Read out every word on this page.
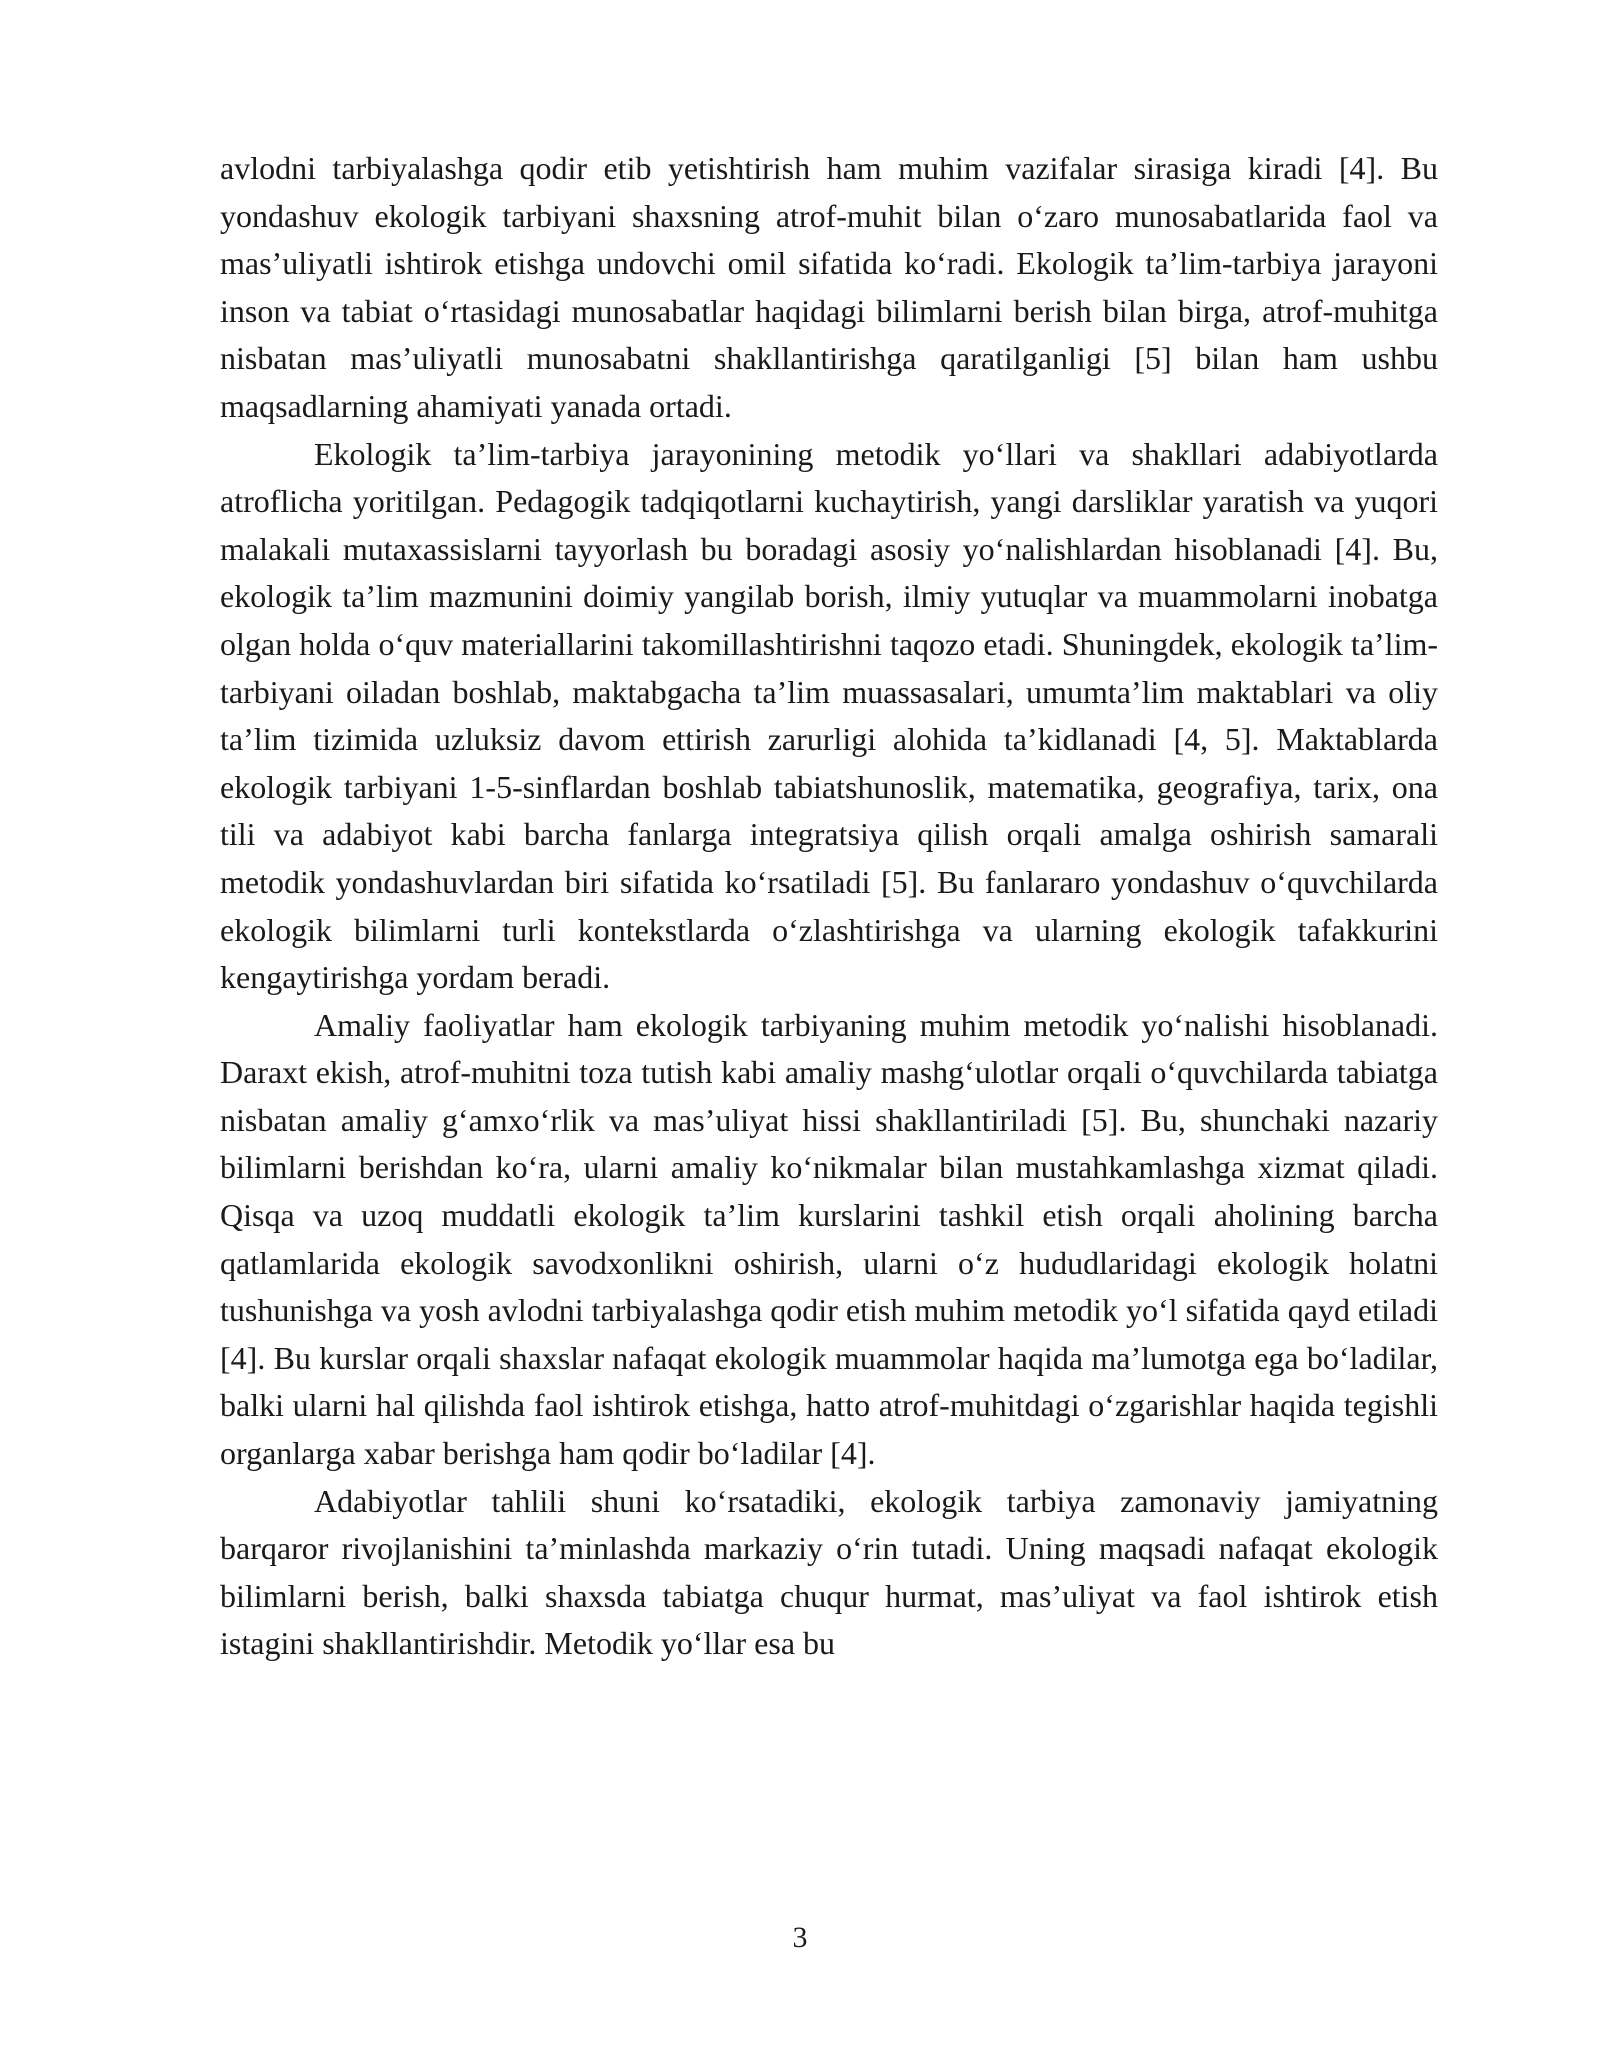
avlodni tarbiyalashga qodir etib yetishtirish ham muhim vazifalar sirasiga kiradi [4]. Bu yondashuv ekologik tarbiyani shaxsning atrof-muhit bilan o‘zaro munosabatlarida faol va mas’uliyatli ishtirok etishga undovchi omil sifatida ko‘radi. Ekologik ta’lim-tarbiya jarayoni inson va tabiat o‘rtasidagi munosabatlar haqidagi bilimlarni berish bilan birga, atrof-muhitga nisbatan mas’uliyatli munosabatni shakllantirishga qaratilganligi [5] bilan ham ushbu maqsadlarning ahamiyati yanada ortadi.

Ekologik ta’lim-tarbiya jarayonining metodik yo‘llari va shakllari adabiyotlarda atroflicha yoritilgan. Pedagogik tadqiqotlarni kuchaytirish, yangi darsliklar yaratish va yuqori malakali mutaxassislarni tayyorlash bu boradagi asosiy yo‘nalishlardan hisoblanadi [4]. Bu, ekologik ta’lim mazmunini doimiy yangilab borish, ilmiy yutuqlar va muammolarni inobatga olgan holda o‘quv materiallarini takomillashtirishni taqozo etadi. Shuningdek, ekologik ta’lim-tarbiyani oiladan boshlab, maktabgacha ta’lim muassasalari, umumta’lim maktablari va oliy ta’lim tizimida uzluksiz davom ettirish zarurligi alohida ta’kidlanadi [4, 5]. Maktablarda ekologik tarbiyani 1-5-sinflardan boshlab tabiatshunoslik, matematika, geografiya, tarix, ona tili va adabiyot kabi barcha fanlarga integratsiya qilish orqali amalga oshirish samarali metodik yondashuvlardan biri sifatida ko‘rsatiladi [5]. Bu fanlararo yondashuv o‘quvchilarda ekologik bilimlarni turli kontekstlarda o‘zlashtirishga va ularning ekologik tafakkurini kengaytirishga yordam beradi.

Amaliy faoliyatlar ham ekologik tarbiyaning muhim metodik yo‘nalishi hisoblanadi. Daraxt ekish, atrof-muhitni toza tutish kabi amaliy mashg‘ulotlar orqali o‘quvchilarda tabiatga nisbatan amaliy g‘amxo‘rlik va mas’uliyat hissi shakllantiriladi [5]. Bu, shunchaki nazariy bilimlarni berishdan ko‘ra, ularni amaliy ko‘nikmalar bilan mustahkamlashga xizmat qiladi. Qisqa va uzoq muddatli ekologik ta’lim kurslarini tashkil etish orqali aholining barcha qatlamlarida ekologik savodxonlikni oshirish, ularni o‘z hududlaridagi ekologik holatni tushunishga va yosh avlodni tarbiyalashga qodir etish muhim metodik yo‘l sifatida qayd etiladi [4]. Bu kurslar orqali shaxslar nafaqat ekologik muammolar haqida ma’lumotga ega bo‘ladilar, balki ularni hal qilishda faol ishtirok etishga, hatto atrof-muhitdagi o‘zgarishlar haqida tegishli organlarga xabar berishga ham qodir bo‘ladilar [4].

Adabiyotlar tahlili shuni ko‘rsatadiki, ekologik tarbiya zamonaviy jamiyatning barqaror rivojlanishini ta’minlashda markaziy o‘rin tutadi. Uning maqsadi nafaqat ekologik bilimlarni berish, balki shaxsda tabiatga chuqur hurmat, mas’uliyat va faol ishtirok etish istagini shakllantirishdir. Metodik yo‘llar esa bu

3
